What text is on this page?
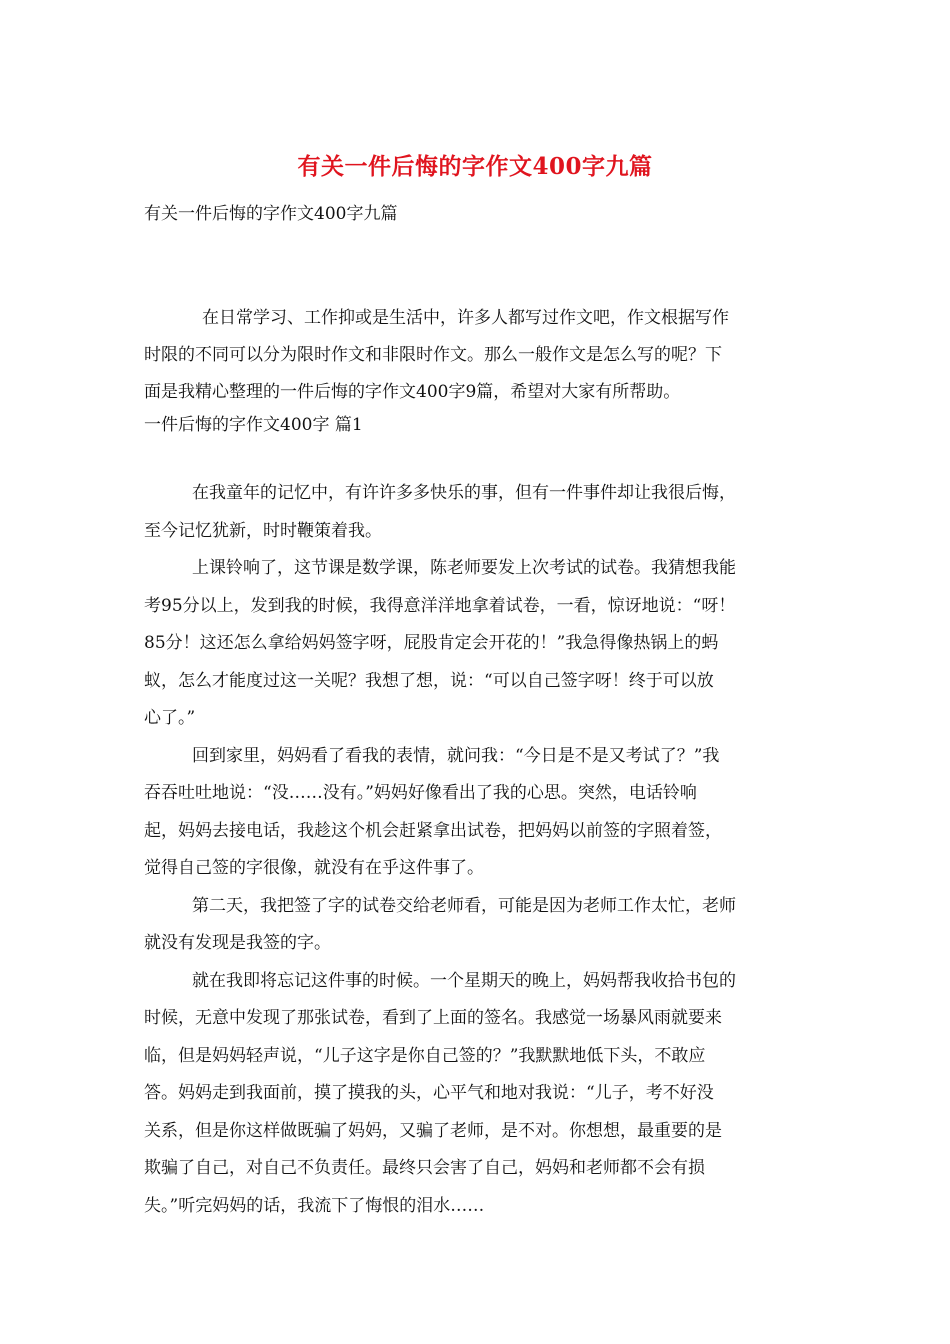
有关一件后悔的字作文400字九篇
有关一件后悔的字作文400字九篇
在日常学习、工作抑或是生活中，许多人都写过作文吧，作文根据写作
时限的不同可以分为限时作文和非限时作文。那么一般作文是怎么写的呢？下
面是我精心整理的一件后悔的字作文400字9篇，希望对大家有所帮助。
一件后悔的字作文400字 篇1
在我童年的记忆中，有许许多多快乐的事，但有一件事件却让我很后悔，
至今记忆犹新，时时鞭策着我。
上课铃响了，这节课是数学课，陈老师要发上次考试的试卷。我猜想我能
考95分以上，发到我的时候，我得意洋洋地拿着试卷，一看，惊讶地说：“呀！
85分！这还怎么拿给妈妈签字呀，屁股肯定会开花的！”我急得像热锅上的蚂
蚁，怎么才能度过这一关呢？我想了想，说：“可以自己签字呀！终于可以放
心了。”
回到家里，妈妈看了看我的表情，就问我：“今日是不是又考试了？”我
吞吞吐吐地说：“没……没有。”妈妈好像看出了我的心思。突然，电话铃响
起，妈妈去接电话，我趁这个机会赶紧拿出试卷，把妈妈以前签的字照着签，
觉得自己签的字很像，就没有在乎这件事了。
第二天，我把签了字的试卷交给老师看，可能是因为老师工作太忙，老师
就没有发现是我签的字。
就在我即将忘记这件事的时候。一个星期天的晚上，妈妈帮我收拾书包的
时候，无意中发现了那张试卷，看到了上面的签名。我感觉一场暴风雨就要来
临，但是妈妈轻声说，“儿子这字是你自己签的？”我默默地低下头，不敢应
答。妈妈走到我面前，摸了摸我的头，心平气和地对我说：“儿子，考不好没
关系，但是你这样做既骗了妈妈，又骗了老师，是不对。你想想，最重要的是
欺骗了自己，对自己不负责任。最终只会害了自己，妈妈和老师都不会有损
失。”听完妈妈的话，我流下了悔恨的泪水……
